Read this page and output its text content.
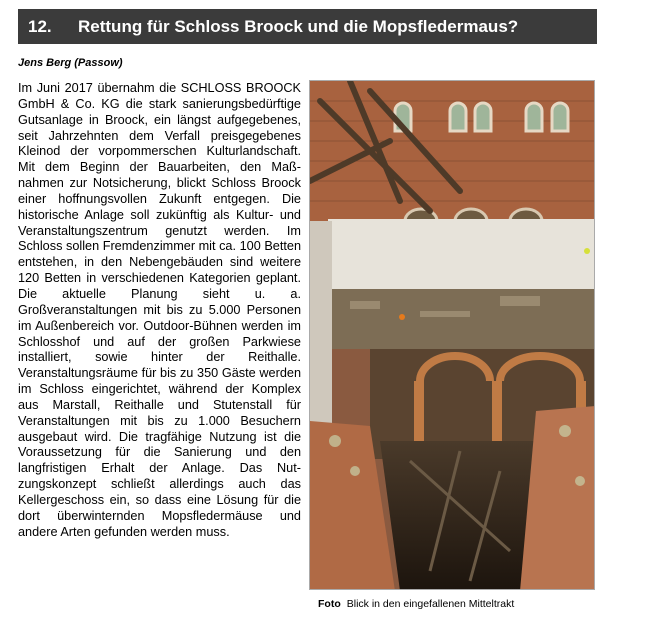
12.	Rettung für Schloss Broock und die Mopsfledermaus?
Jens Berg (Passow)

Im Juni 2017 übernahm die SCHLOSS BROOCK GmbH & Co. KG die stark sanierungsbedürftige Gutsanlage in Broock, ein längst aufgegebenes, seit Jahrzehnten dem Verfall preisgegebenes Kleinod der vorpommerschen Kulturlandschaft. Mit dem Beginn der Bauarbeiten, den Maßnahmen zur Notsicherung, blickt Schloss Broock einer hoffnungsvollen Zukunft entgegen. Die historische Anlage soll zukünftig als Kultur- und Veranstaltungszentrum genutzt werden. Im Schloss sollen Fremdenzimmer mit ca. 100 Betten entstehen, in den Nebengebäuden sind weitere 120 Betten in verschiedenen Kategorien geplant. Die aktuelle Planung sieht u. a. Großveranstaltungen mit bis zu 5.000 Personen im Außenbereich vor. Outdoor-Bühnen werden im Schlosshof und auf der großen Parkwiese installiert, sowie hinter der Reithalle. Veranstaltungsräume für bis zu 350 Gäste werden im Schloss eingerichtet, während der Komplex aus Marstall, Reithalle und Stutenstall für Veranstaltungen mit bis zu 1.000 Besuchern ausgebaut wird. Die tragfähige Nutzung ist die Voraussetzung für die Sanierung und den langfristigen Erhalt der Anlage. Das Nutzungskonzept schließt allerdings auch das Kellergeschoss ein, so dass eine Lösung für die dort überwinternden Mopsfledermäuse und andere Arten gefunden werden muss.

Foto Blick in den eingefallenen Mitteltrakt
